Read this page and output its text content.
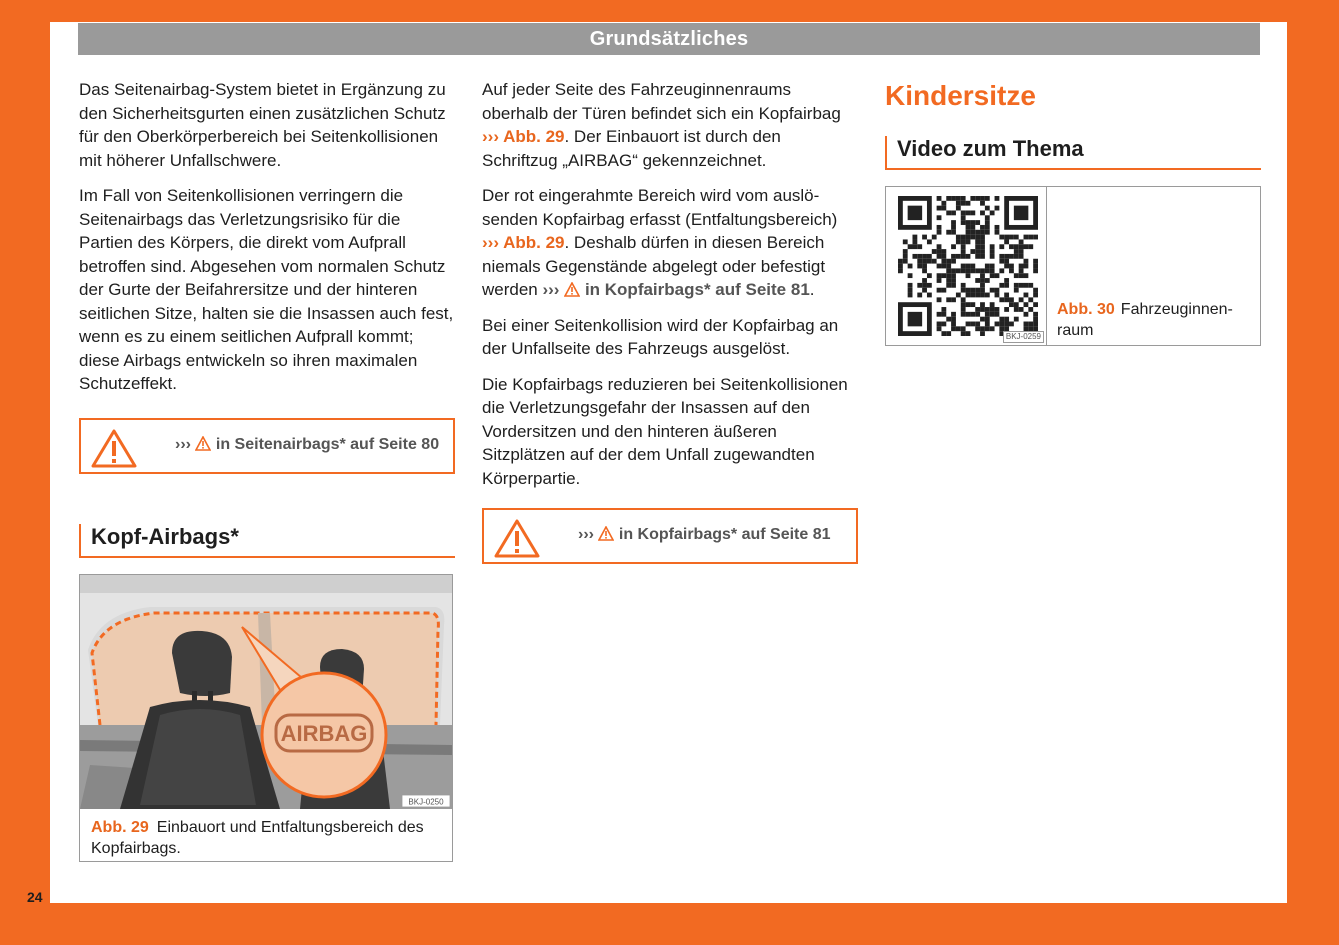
Grundsätzliches

Das Seitenairbag-System bietet in Ergänzung zu den Sicherheitsgurten einen zusätzlichen Schutz für den Oberkörperbereich bei Seitenkollisionen mit höherer Unfallschwere.

Im Fall von Seitenkollisionen verringern die Seitenairbags das Verletzungsrisiko für die Partien des Körpers, die direkt vom Aufprall betroffen sind. Abgesehen vom normalen Schutz der Gurte der Beifahrersitze und der hinteren seitlichen Sitze, halten sie die Insassen auch fest, wenn es zu einem seitlichen Aufprall kommt; diese Airbags entwickeln so ihren maximalen Schutzeffekt.

››› in Seitenairbags* auf Seite 80
Kopf-Airbags*
AIRBAG
BKJ-0250
Abb. 29 Einbauort und Entfaltungsbereich des Kopfairbags.

Auf jeder Seite des Fahrzeuginnenraums oberhalb der Türen befindet sich ein Kopfairbag ››› Abb. 29. Der Einbauort ist durch den Schriftzug „AIRBAG“ gekennzeichnet.

Der rot eingerahmte Bereich wird vom auslösenden Kopfairbag erfasst (Entfaltungsbereich) ››› Abb. 29. Deshalb dürfen in diesen Bereich niemals Gegenstände abgelegt oder befestigt werden ››› in Kopfairbags* auf Seite 81.

Bei einer Seitenkollision wird der Kopfairbag an der Unfallseite des Fahrzeugs ausgelöst.

Die Kopfairbags reduzieren bei Seitenkollisionen die Verletzungsgefahr der Insassen auf den Vordersitzen und den hinteren äußeren Sitzplätzen auf der dem Unfall zugewandten Körperpartie.

››› in Kopfairbags* auf Seite 81
Kindersitze
Video zum Thema
BKJ-0259
Abb. 30 Fahrzeuginnenraum
24
